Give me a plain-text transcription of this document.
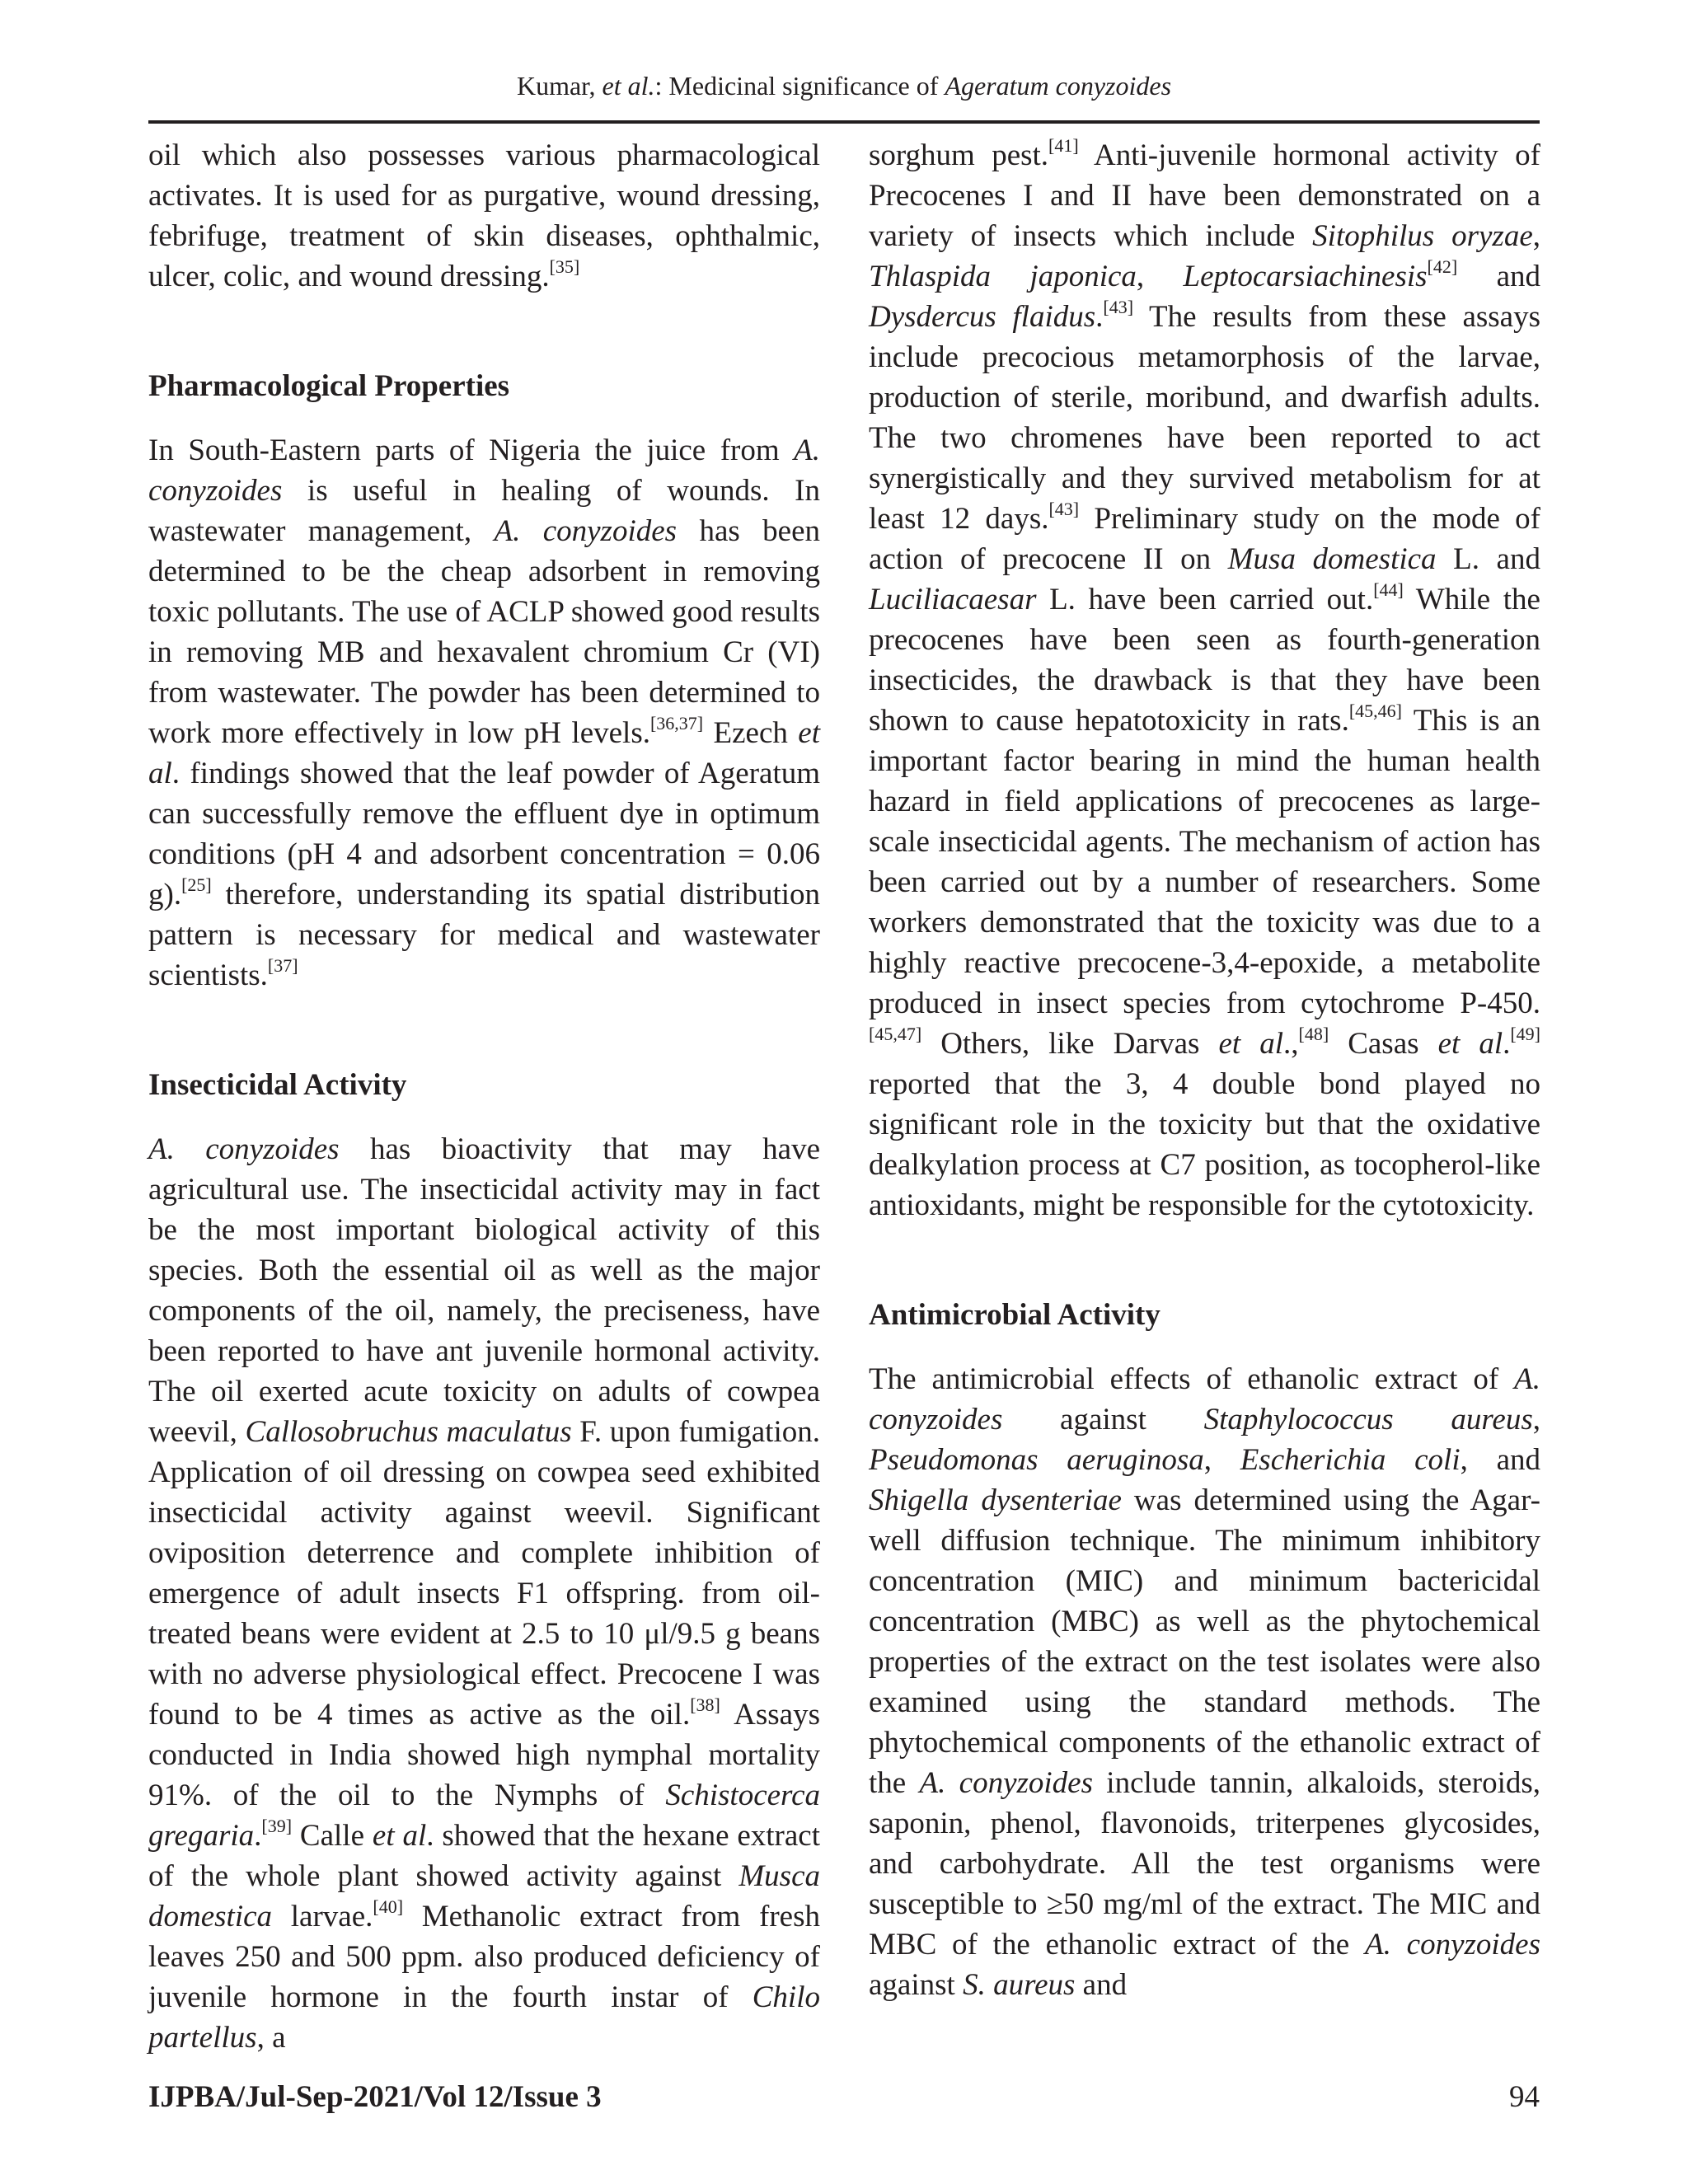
Kumar, et al.: Medicinal significance of Ageratum conyzoides

oil which also possesses various pharmacological activates. It is used for as purgative, wound dressing, febrifuge, treatment of skin diseases, ophthalmic, ulcer, colic, and wound dressing.[35]

Pharmacological Properties

In South-Eastern parts of Nigeria the juice from A. conyzoides is useful in healing of wounds. In wastewater management, A. conyzoides has been determined to be the cheap adsorbent in removing toxic pollutants. The use of ACLP showed good results in removing MB and hexavalent chromium Cr (VI) from wastewater. The powder has been determined to work more effectively in low pH levels.[36,37] Ezech et al. findings showed that the leaf powder of Ageratum can successfully remove the effluent dye in optimum conditions (pH 4 and adsorbent concentration = 0.06 g).[25] therefore, understanding its spatial distribution pattern is necessary for medical and wastewater scientists.[37]

Insecticidal Activity

A. conyzoides has bioactivity that may have agricultural use. The insecticidal activity may in fact be the most important biological activity of this species. Both the essential oil as well as the major components of the oil, namely, the preciseness, have been reported to have ant juvenile hormonal activity. The oil exerted acute toxicity on adults of cowpea weevil, Callosobruchus maculatus F. upon fumigation. Application of oil dressing on cowpea seed exhibited insecticidal activity against weevil. Significant oviposition deterrence and complete inhibition of emergence of adult insects F1 offspring. from oil-treated beans were evident at 2.5 to 10 μl/9.5 g beans with no adverse physiological effect. Precocene I was found to be 4 times as active as the oil.[38] Assays conducted in India showed high nymphal mortality 91%. of the oil to the Nymphs of Schistocerca gregaria.[39] Calle et al. showed that the hexane extract of the whole plant showed activity against Musca domestica larvae.[40] Methanolic extract from fresh leaves 250 and 500 ppm. also produced deficiency of juvenile hormone in the fourth instar of Chilo partellus, a

sorghum pest.[41] Anti-juvenile hormonal activity of Precocenes I and II have been demonstrated on a variety of insects which include Sitophilus oryzae, Thlaspida japonica, Leptocarsiachinesis[42] and Dysdercus flaidus.[43] The results from these assays include precocious metamorphosis of the larvae, production of sterile, moribund, and dwarfish adults. The two chromenes have been reported to act synergistically and they survived metabolism for at least 12 days.[43] Preliminary study on the mode of action of precocene II on Musa domestica L. and Luciliacaesar L. have been carried out.[44] While the precocenes have been seen as fourth-generation insecticides, the drawback is that they have been shown to cause hepatotoxicity in rats.[45,46] This is an important factor bearing in mind the human health hazard in field applications of precocenes as large-scale insecticidal agents. The mechanism of action has been carried out by a number of researchers. Some workers demonstrated that the toxicity was due to a highly reactive precocene-3,4-epoxide, a metabolite produced in insect species from cytochrome P-450.[45,47] Others, like Darvas et al.,[48] Casas et al.[49] reported that the 3, 4 double bond played no significant role in the toxicity but that the oxidative dealkylation process at C7 position, as tocopherol-like antioxidants, might be responsible for the cytotoxicity.

Antimicrobial Activity

The antimicrobial effects of ethanolic extract of A. conyzoides against Staphylococcus aureus, Pseudomonas aeruginosa, Escherichia coli, and Shigella dysenteriae was determined using the Agar-well diffusion technique. The minimum inhibitory concentration (MIC) and minimum bactericidal concentration (MBC) as well as the phytochemical properties of the extract on the test isolates were also examined using the standard methods. The phytochemical components of the ethanolic extract of the A. conyzoides include tannin, alkaloids, steroids, saponin, phenol, flavonoids, triterpenes glycosides, and carbohydrate. All the test organisms were susceptible to ≥50 mg/ml of the extract. The MIC and MBC of the ethanolic extract of the A. conyzoides against S. aureus and

IJPBA/Jul-Sep-2021/Vol 12/Issue 3	94
